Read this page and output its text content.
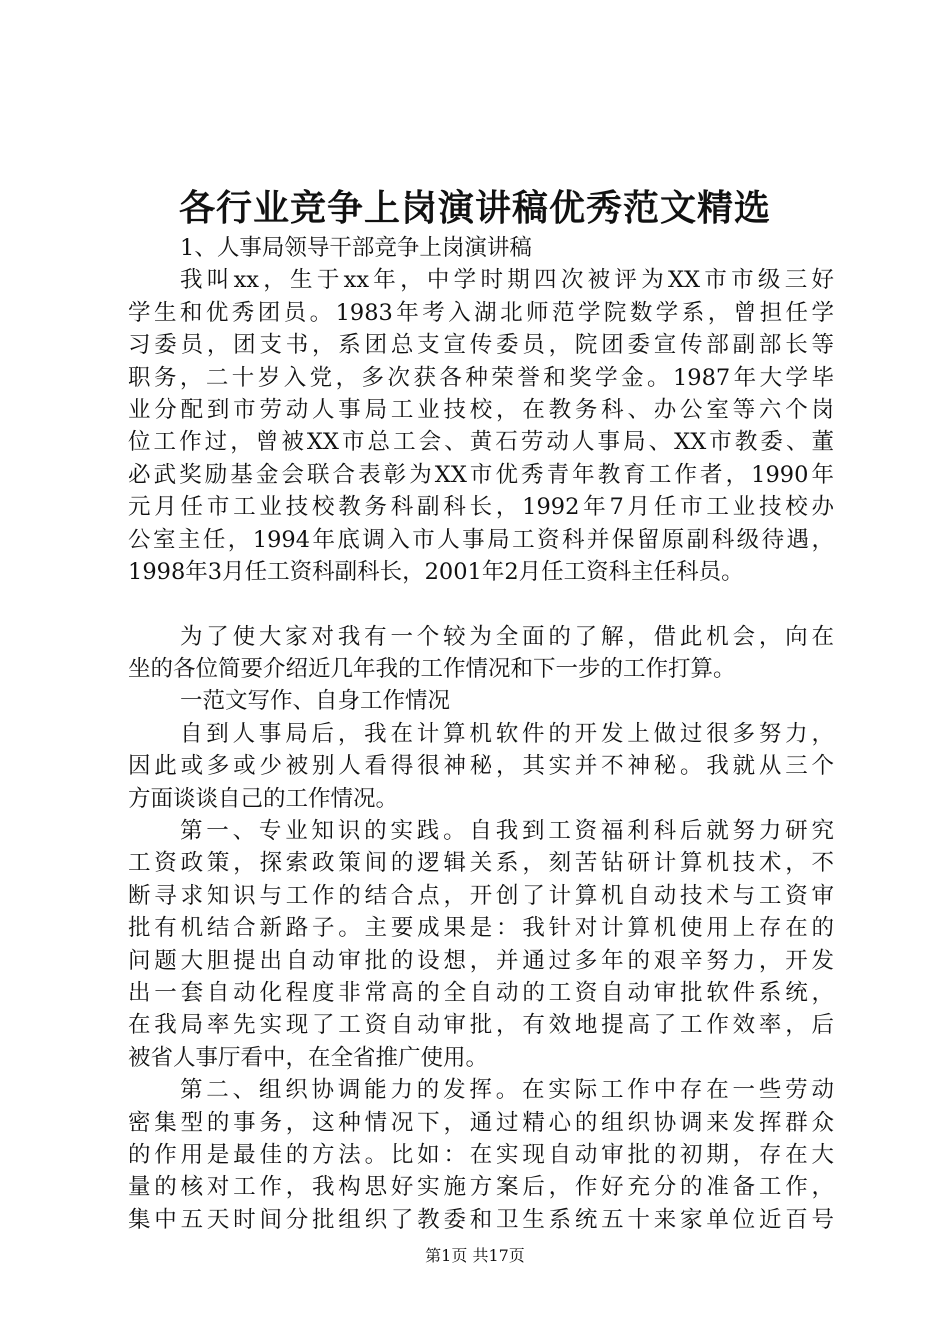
各行业竞争上岗演讲稿优秀范文精选
1、人事局领导干部竞争上岗演讲稿
我叫xx，生于xx年，中学时期四次被评为XX市市级三好
学生和优秀团员。1983年考入湖北师范学院数学系，曾担任学
习委员，团支书，系团总支宣传委员，院团委宣传部副部长等
职务，二十岁入党，多次获各种荣誉和奖学金。1987年大学毕
业分配到市劳动人事局工业技校，在教务科、办公室等六个岗
位工作过，曾被XX市总工会、黄石劳动人事局、XX市教委、董
必武奖励基金会联合表彰为XX市优秀青年教育工作者，1990年
元月任市工业技校教务科副科长，1992年7月任市工业技校办
公室主任，1994年底调入市人事局工资科并保留原副科级待遇，
1998年3月任工资科副科长，2001年2月任工资科主任科员。
为了使大家对我有一个较为全面的了解，借此机会，向在
坐的各位简要介绍近几年我的工作情况和下一步的工作打算。
一范文写作、自身工作情况
自到人事局后，我在计算机软件的开发上做过很多努力，
因此或多或少被别人看得很神秘，其实并不神秘。我就从三个
方面谈谈自己的工作情况。
第一、专业知识的实践。自我到工资福利科后就努力研究
工资政策，探索政策间的逻辑关系，刻苦钻研计算机技术，不
断寻求知识与工作的结合点，开创了计算机自动技术与工资审
批有机结合新路子。主要成果是：我针对计算机使用上存在的
问题大胆提出自动审批的设想，并通过多年的艰辛努力，开发
出一套自动化程度非常高的全自动的工资自动审批软件系统，
在我局率先实现了工资自动审批，有效地提高了工作效率，后
被省人事厅看中，在全省推广使用。
第二、组织协调能力的发挥。在实际工作中存在一些劳动
密集型的事务，这种情况下，通过精心的组织协调来发挥群众
的作用是最佳的方法。比如：在实现自动审批的初期，存在大
量的核对工作，我构思好实施方案后，作好充分的准备工作，
集中五天时间分批组织了教委和卫生系统五十来家单位近百号
第1页 共17页
